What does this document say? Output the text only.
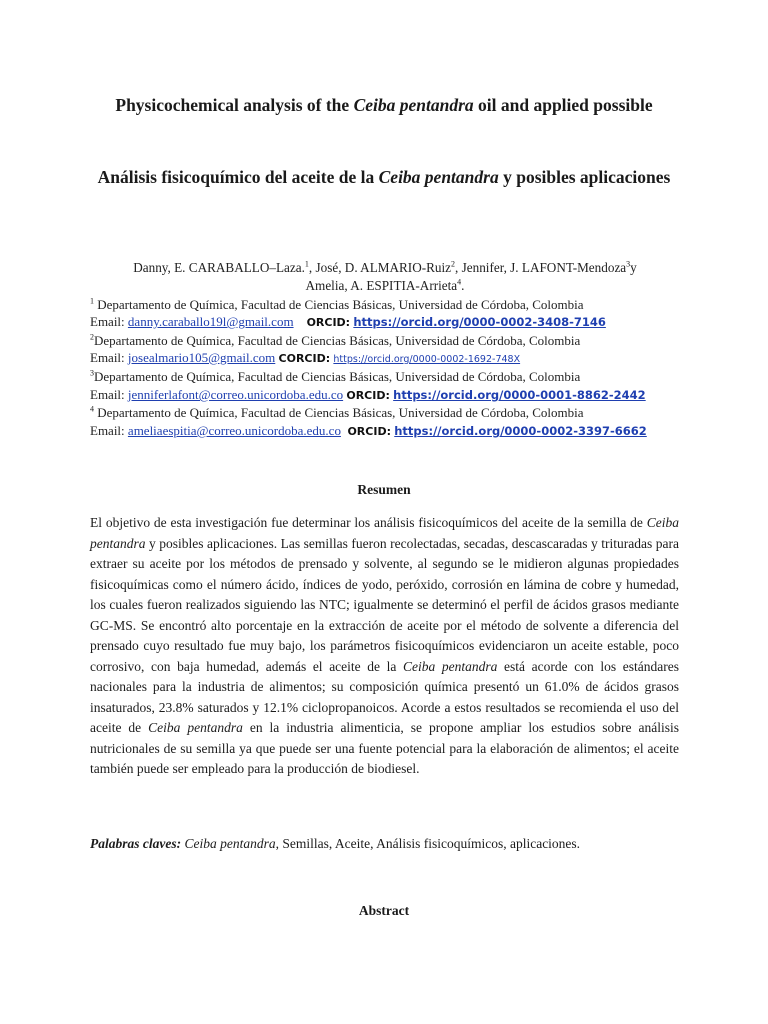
Physicochemical analysis of the Ceiba pentandra oil and applied possible
Análisis fisicoquímico del aceite de la Ceiba pentandra y posibles aplicaciones
Danny, E. CARABALLO–Laza.$^1$, José, D. ALMARIO-Ruiz$^2$, Jennifer, J. LAFONT-Mendoza$^3$y
Amelia, A. ESPITIA-Arrieta$^4$.
$^1$ Departamento de Química, Facultad de Ciencias Básicas, Universidad de Córdoba, Colombia
Email: danny.caraballo19l@gmail.com ORCID: https://orcid.org/0000-0002-3408-7146
$^2$Departamento de Química, Facultad de Ciencias Básicas, Universidad de Córdoba, Colombia
Email: josealmario105@gmail.com CORCID: https://orcid.org/0000-0002-1692-748X
$^3$Departamento de Química, Facultad de Ciencias Básicas, Universidad de Córdoba, Colombia
Email: jenniferlafont@correo.unicordoba.edu.co ORCID: https://orcid.org/0000-0001-8862-2442
$^4$ Departamento de Química, Facultad de Ciencias Básicas, Universidad de Córdoba, Colombia
Email: ameliaespitia@correo.unicordoba.edu.co ORCID: https://orcid.org/0000-0002-3397-6662
Resumen

El objetivo de esta investigación fue determinar los análisis fisicoquímicos del aceite de la semilla de Ceiba pentandra y posibles aplicaciones. Las semillas fueron recolectadas, secadas, descascaradas y trituradas para extraer su aceite por los métodos de prensado y solvente, al segundo se le midieron algunas propiedades fisicoquímicas como el número ácido, índices de yodo, peróxido, corrosión en lámina de cobre y humedad, los cuales fueron realizados siguiendo las NTC; igualmente se determinó el perfil de ácidos grasos mediante GC-MS. Se encontró alto porcentaje en la extracción de aceite por el método de solvente a diferencia del prensado cuyo resultado fue muy bajo, los parámetros fisicoquímicos evidenciaron un aceite estable, poco corrosivo, con baja humedad, además el aceite de la Ceiba pentandra está acorde con los estándares nacionales para la industria de alimentos; su composición química presentó un 61.0% de ácidos grasos insaturados, 23.8% saturados y 12.1% ciclopropanoicos. Acorde a estos resultados se recomienda el uso del aceite de Ceiba pentandra en la industria alimenticia, se propone ampliar los estudios sobre análisis nutricionales de su semilla ya que puede ser una fuente potencial para la elaboración de alimentos; el aceite también puede ser empleado para la producción de biodiesel.

Palabras claves: Ceiba pentandra, Semillas, Aceite, Análisis fisicoquímicos, aplicaciones.

Abstract
